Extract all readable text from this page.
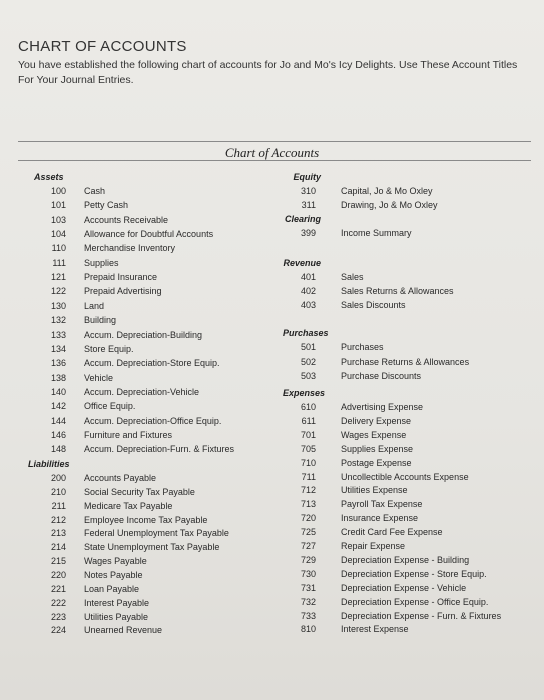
CHART OF ACCOUNTS
You have established the following chart of accounts for Jo and Mo's Icy Delights. Use These Account Titles For Your Journal Entries.
Chart of Accounts
Assets
100 Cash
101 Petty Cash
103 Accounts Receivable
104 Allowance for Doubtful Accounts
110 Merchandise Inventory
111 Supplies
121 Prepaid Insurance
122 Prepaid Advertising
130 Land
132 Building
133 Accum. Depreciation-Building
134 Store Equip.
136 Accum. Depreciation-Store Equip.
138 Vehicle
140 Accum. Depreciation-Vehicle
142 Office Equip.
144 Accum. Depreciation-Office Equip.
146 Furniture and Fixtures
148 Accum. Depreciation-Furn. & Fixtures
Liabilities
200 Accounts Payable
210 Social Security Tax Payable
211 Medicare Tax Payable
212 Employee Income Tax Payable
213 Federal Unemployment Tax Payable
214 State Unemployment Tax Payable
215 Wages Payable
220 Notes Payable
221 Loan Payable
222 Interest Payable
223 Utilities Payable
224 Unearned Revenue
Equity
310	Capital, Jo & Mo Oxley
311	Drawing, Jo & Mo Oxley
Clearing
399	Income Summary
Revenue
401	Sales
402	Sales Returns & Allowances
403	Sales Discounts
Purchases
501	Purchases
502	Purchase Returns & Allowances
503	Purchase Discounts
Expenses
610	Advertising Expense
611	Delivery Expense
701	Wages Expense
705	Supplies Expense
710	Postage Expense
711	Uncollectible Accounts Expense
712	Utilities Expense
713	Payroll Tax Expense
720	Insurance Expense
725	Credit Card Fee Expense
727	Repair Expense
729	Depreciation Expense - Building
730	Depreciation Expense - Store Equip.
731	Depreciation Expense - Vehicle
732	Depreciation Expense - Office Equip.
733	Depreciation Expense - Furn. & Fixtures
810	Interest Expense
